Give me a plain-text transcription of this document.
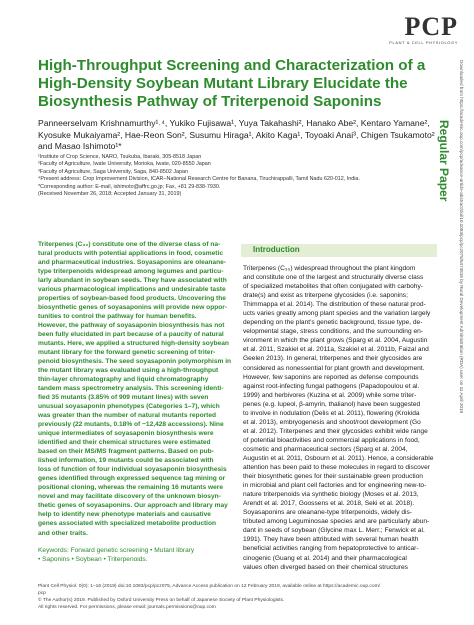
PCP
PLANT & CELL PHYSIOLOGY
High-Throughput Screening and Characterization of a
High-Density Soybean Mutant Library Elucidate the
Biosynthesis Pathway of Triterpenoid Saponins
Panneerselvam Krishnamurthy¹˒⁴, Yukiko Fujisawa¹, Yuya Takahashi², Hanako Abe², Kentaro Yamane²,
Kyosuke Mukaiyama², Hae-Reon Son², Susumu Hiraga¹, Akito Kaga¹, Toyoaki Anai³, Chigen Tsukamoto²
and Masao Ishimoto¹*
¹Institute of Crop Science, NARO, Tsukuba, Ibaraki, 305-8518 Japan
²Faculty of Agriculture, Iwate University, Morioka, Iwate, 020-8550 Japan
³Faculty of Agriculture, Saga University, Saga, 840-8502 Japan
⁴Present address: Crop Improvement Division, ICAR–National Research Centre for Banana, Tiruchirappalli, Tamil Nadu 620-012, India.
*Corresponding author: E-mail, ishimoto@affrc.go.jp; Fax, +81 29-838-7930.
(Received November 26, 2018; Accepted January 31, 2019)	Regular Paper Downloaded from https://academic.oup.com/pcp/advance-article-abstract/doi/10.1093/pcp/pcz075/5474818 by Rural Development Administration (RDA) user on 11 April 2019
Triterpenes (C₃₀) constitute one of the diverse class of na-
tural products with potential applications in food, cosmetic
and pharmaceutical industries. Soyasaponins are oleanane-
type triterpenoids widespread among legumes and particu-
larly abundant in soybean seeds. They have associated with
various pharmacological implications and undesirable taste
properties of soybean-based food products. Uncovering the
biosynthetic genes of soyasaponins will provide new oppor-
tunities to control the pathway for human benefits.
However, the pathway of soyasaponin biosynthesis has not
been fully elucidated in part because of a paucity of natural
mutants. Here, we applied a structured high-density soybean
mutant library for the forward genetic screening of triter-
penoid biosynthesis. The seed soyasaponin polymorphism in
the mutant library was evaluated using a high-throughput
thin-layer chromatography and liquid chromatography
tandem mass spectrometry analysis. This screening identi-
fied 35 mutants (3.85% of 909 mutant lines) with seven
unusual soyasaponin phenotypes (Categories 1–7), which
was greater than the number of natural mutants reported
previously (22 mutants, 0.18% of ~12,428 accessions). Nine
unique intermediates of soyasaponin biosynthesis were
identified and their chemical structures were estimated
based on their MS/MS fragment patterns. Based on pub-
lished information, 19 mutants could be associated with
loss of function of four individual soyasaponin biosynthesis
genes identified through expressed sequence tag mining or
positional cloning, whereas the remaining 16 mutants were
novel and may facilitate discovery of the unknown biosyn-
thetic genes of soyasaponins. Our approach and library may
help to identify new phenotype materials and causative
genes associated with specialized metabolite production
and other traits.
Keywords: Forward genetic screening • Mutant library
• Saponins • Soybean • Triterpenoids.
Introduction
Triterpenes (C₃₀) widespread throughout the plant kingdom
and constitute one of the largest and structurally diverse class
of specialized metabolites that often conjugated with carbohy-
drate(s) and exist as triterpene glycosides (i.e. saponins;
Thimmappa et al. 2014). The distribution of these natural prod-
ucts varies greatly among plant species and the variation largely
depending on the plant's genetic background, tissue type, de-
velopmental stage, stress conditions, and the surrounding en-
vironment in which the plant grows (Sparg et al. 2004, Augustin
et al. 2011, Szakiel et al. 2011a, Szakiel et al. 2011b, Faizal and
Geelen 2013). In general, triterpenes and their glycosides are
considered as nonessential for plant growth and development.
However, few saponins are reported as defense compounds
against root-infecting fungal pathogens (Papadopoulou et al.
1999) and herbivores (Kuzina et al. 2009) while some triter-
penes (e.g. lupeol, β-amyrin, thalianol) have been suggested
to involve in nodulation (Delis et al. 2011), flowering (Krokida
et al. 2013), embryogenesis and shoot/root development (Go
et al. 2012). Triterpenes and their glycosides exhibit wide range
of potential bioactivities and commercial applications in food,
cosmetic and pharmaceutical sectors (Sparg et al. 2004,
Augustin et al. 2011, Osbourn et al. 2011). Hence, a considerable
attention has been paid to these molecules in regard to discover
their biosynthetic genes for their sustainable green production
in microbial and plant cell factories and for engineering new-to-
nature triterpenoids via synthetic biology (Moses et al. 2013,
Arendt et al. 2017, Goossens et al. 2018, Seki et al. 2018).
Soyasaponins are oleanane-type triterpenoids, widely dis-
tributed among Leguminosae species and are particularly abun-
dant in seeds of soybean (Glycine max L. Merr.; Fenwick et al.
1991). They have been attributed with several human health
beneficial activities ranging from hepatoprotective to anticar-
cinogenic (Guang et al. 2014) and their pharmacological
values often diverged based on their chemical structures
Plant Cell Physiol. 0(0): 1–16 (2019) doi:10.1093/pcp/pcz075, Advance Access publication on 12 February 2019, available online at https://academic.oup.com/
pcp
© The Author(s) 2019. Published by Oxford University Press on behalf of Japanese Society of Plant Physiologists.
All rights reserved. For permissions, please email: journals.permissions@oup.com
